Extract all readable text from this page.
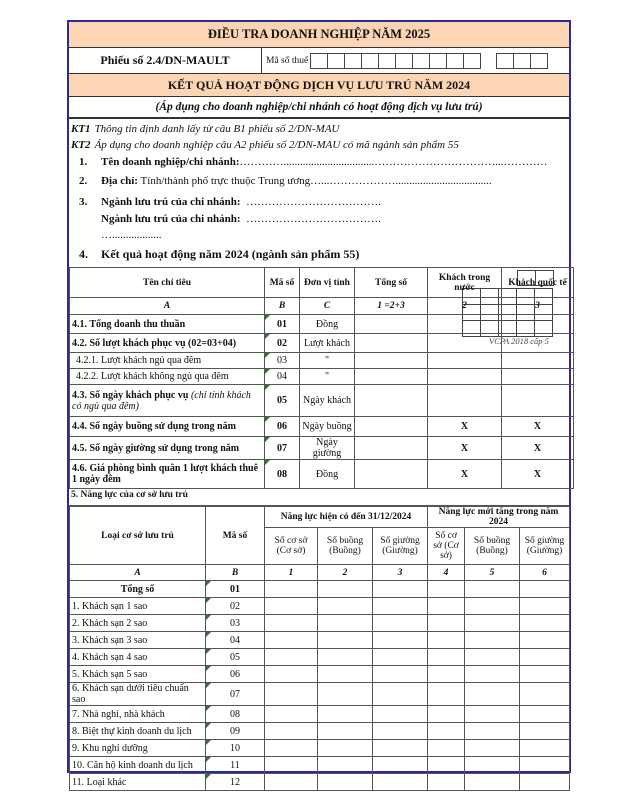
ĐIỀU TRA DOANH NGHIỆP NĂM 2025
Phiếu số 2.4/DN-MAULT	Mã số thuế
KẾT QUẢ HOẠT ĐỘNG DỊCH VỤ LƯU TRÚ NĂM 2024
(Áp dụng cho doanh nghiệp/chi nhánh có hoạt động dịch vụ lưu trú)
KT1 Thông tin định danh lấy từ câu B1 phiếu số 2/DN-MAU
KT2 Áp dụng cho doanh nghiệp câu A2 phiếu số 2/DN-MAU có mã ngành sản phẩm 55
1. Tên doanh nghiệp/chi nhánh:………….................................……………………………...…………
2. Địa chỉ: Tỉnh/thành phố trực thuộc Trung ương…...………………...................................
3. Ngành lưu trú của chi nhánh: ……………………………….
Ngành lưu trú của chi nhánh: ……………………………….
…..................
VCPA 2018 cấp 5
4. Kết quả hoạt động năm 2024 (ngành sản phẩm 55)
Tên chỉ tiêu	Mã số	Đơn vị tính	Tổng số	Khách trong nước	Khách quốc tế
A	B	C	1 =2+3	2	3
4.1. Tổng doanh thu thuần	01	Đồng			
4.2. Số lượt khách phục vụ (02=03+04)	02	Lượt khách			
4.2.1. Lượt khách ngủ qua đêm	03	"			
4.2.2. Lượt khách không ngủ qua đêm	04	"			
4.3. Số ngày khách phục vụ (chỉ tính khách có ngủ qua đêm)	05	Ngày khách			
4.4. Số ngày buồng sử dụng trong năm	06	Ngày buồng		X	X
4.5. Số ngày giường sử dụng trong năm	07	Ngày giường		X	X
4.6. Giá phòng bình quân 1 lượt khách thuê 1 ngày đêm	08	Đồng		X	X
5. Năng lực của cơ sở lưu trú
Loại cơ sở lưu trú	Mã số	Năng lực hiện có đến 31/12/2024			Năng lực mới tăng trong năm 2024		
		Số cơ sở (Cơ sở)	Số buồng (Buồng)	Số giường (Giường)	Số cơ sở (Cơ sở)	Số buồng (Buồng)	Số giường (Giường)
A	B	1	2	3	4	5	6
Tổng số	01						
1. Khách sạn 1 sao	02						
2. Khách sạn 2 sao	03						
3. Khách sạn 3 sao	04						
4. Khách sạn 4 sao	05						
5. Khách sạn 5 sao	06						
6. Khách sạn dưới tiêu chuẩn sao	07						
7. Nhà nghỉ, nhà khách	08						
8. Biệt thự kinh doanh du lịch	09						
9. Khu nghỉ dưỡng	10						
10. Căn hộ kinh doanh du lịch	11						
11. Loại khác	12						
